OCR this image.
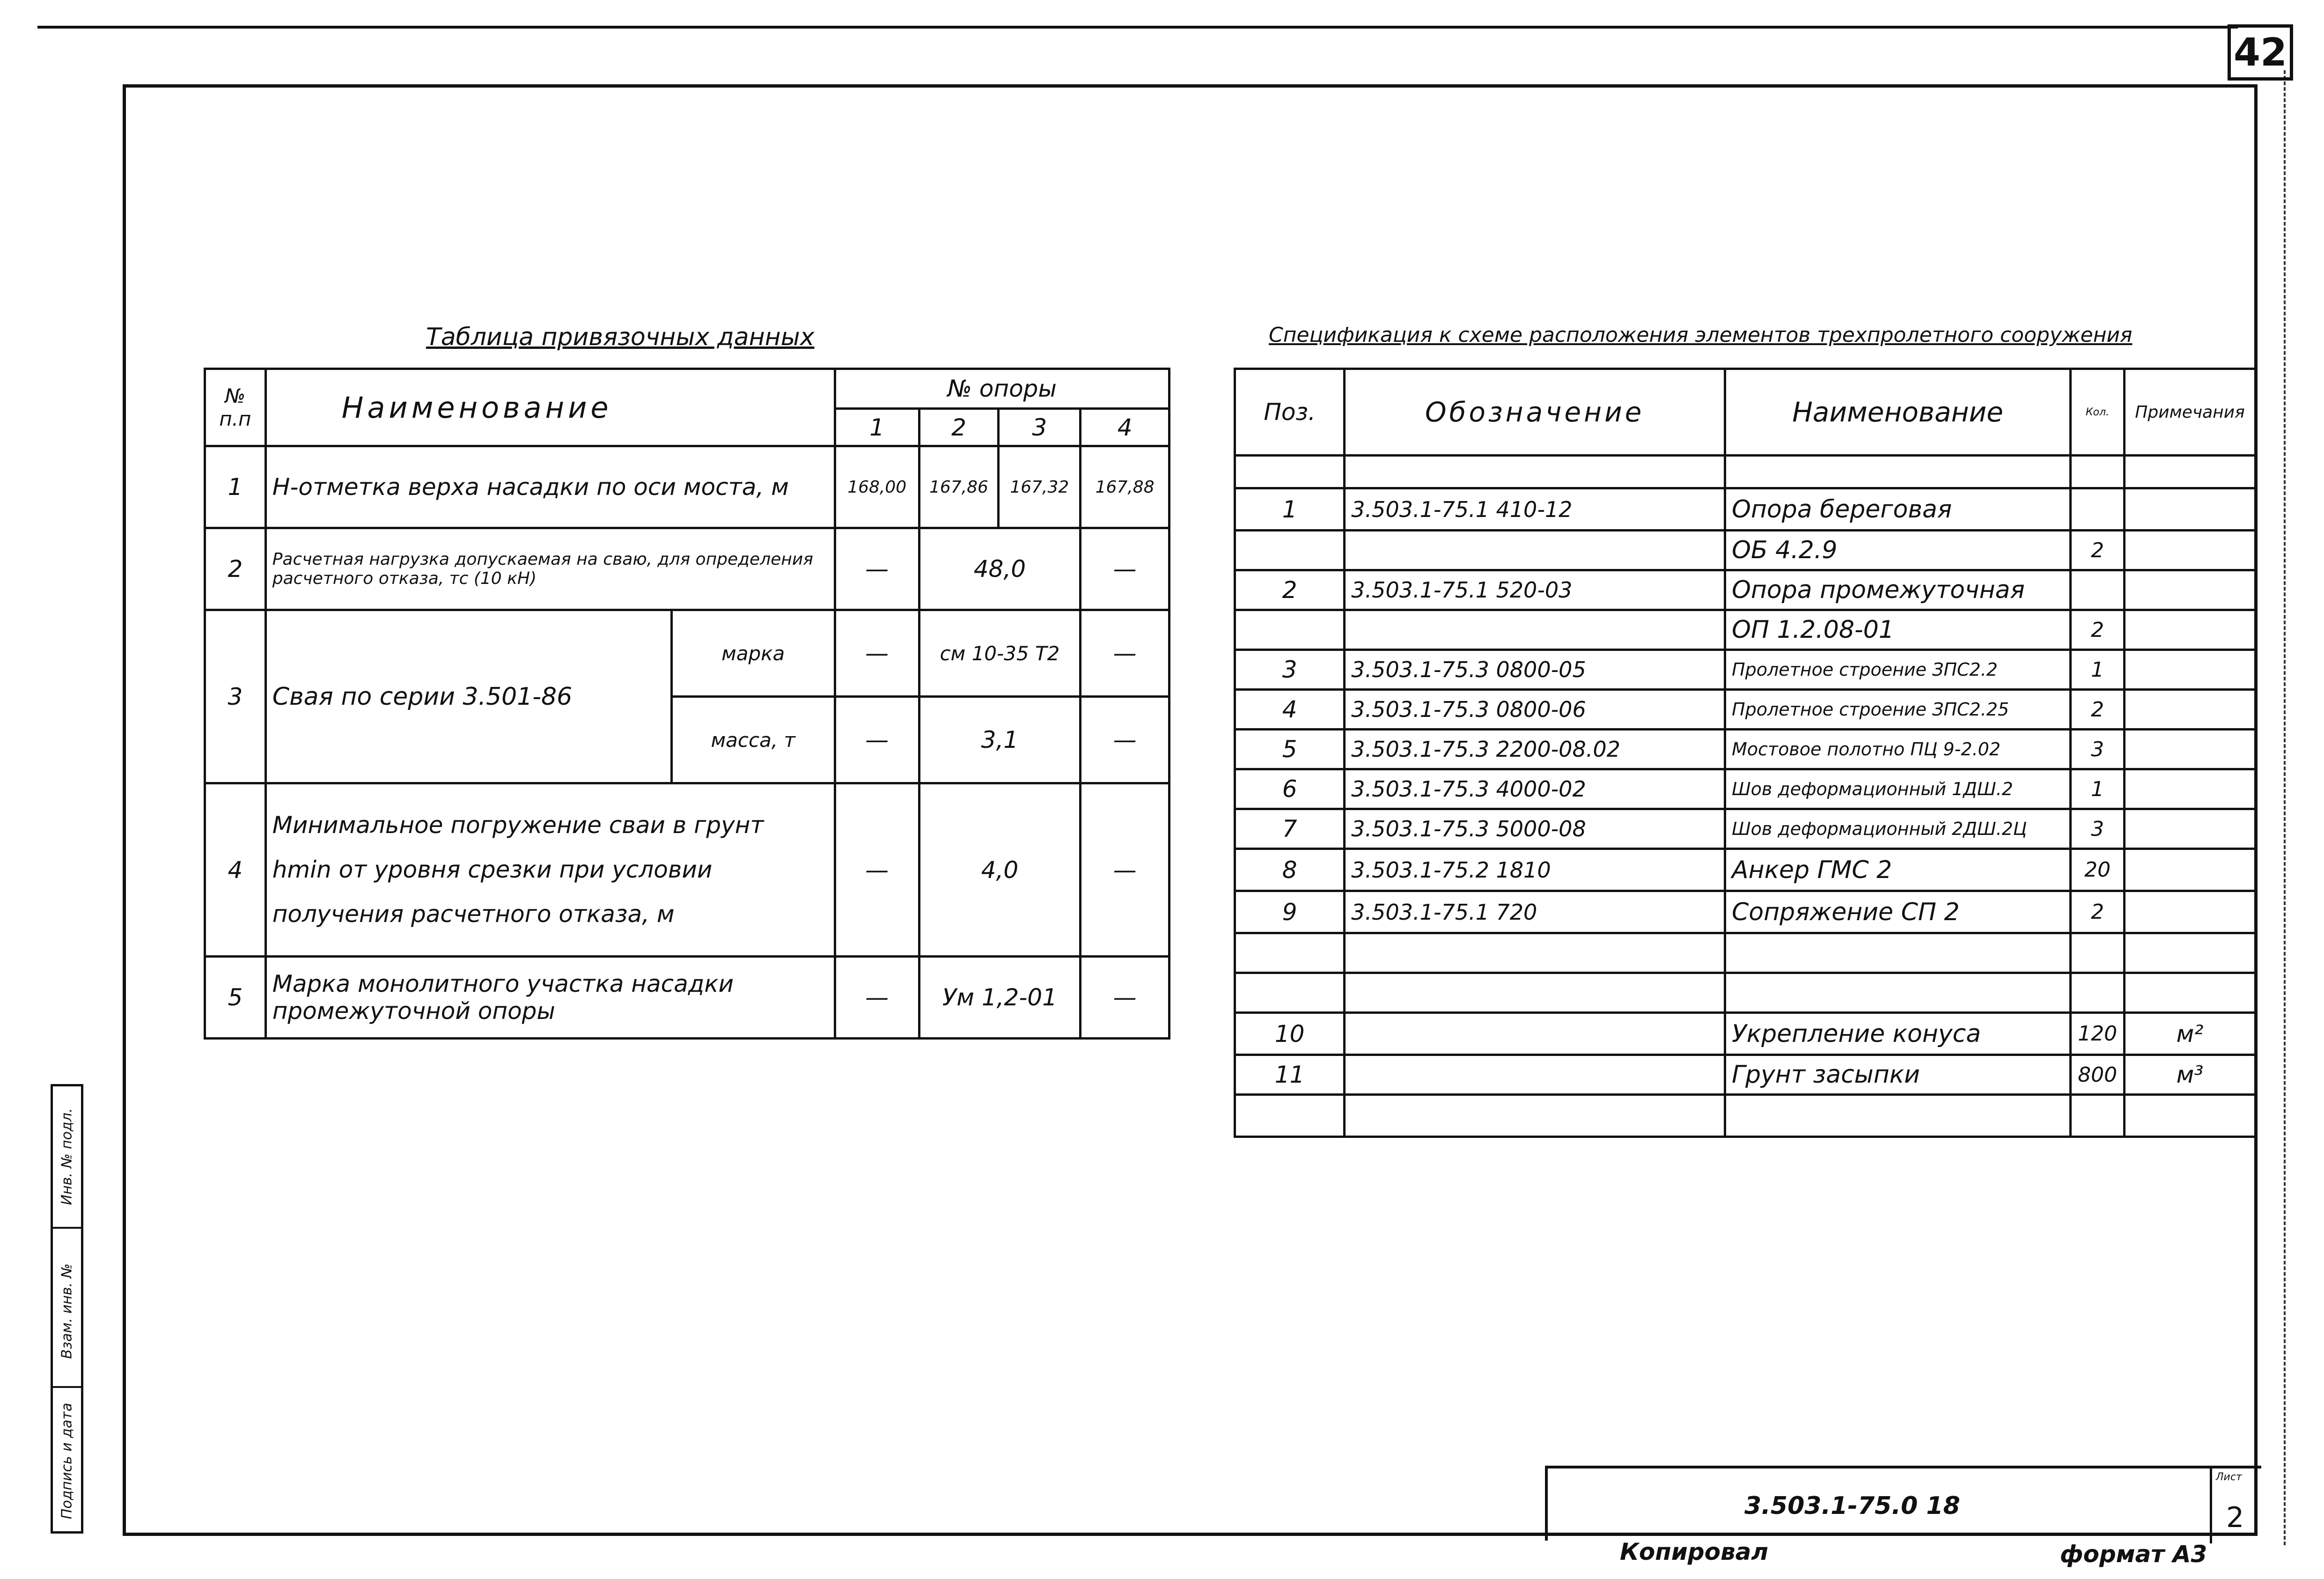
42
Таблица привязочных данных
№ п.п	Наименование		№ опоры			
			1	2	3	4
1	Н-отметка верха насадки по оси моста, м		168,00	167,86	167,32	167,88
2	Расчетная нагрузка допускаемая на сваю, для определения расчетного отказа, тс (10 кН)		—	48,0		—
3	Свая по серии 3.501-86	марка	—	см 10-35 Т2		—
		масса, т	—	3,1		—
4	Минимальное погружение сваи в грунт hmin от уровня срезки при условии получения расчетного отказа, м		—	4,0		—
5	Марка монолитного участка насадки промежуточной опоры		—	Ум 1,2-01		—
Спецификация к схеме расположения элементов трехпролетного сооружения
Поз.	Обозначение	Наименование	Кол.	Примечания

1	3.503.1-75.1 410-12	Опора береговая		
		ОБ 4.2.9	2	
2	3.503.1-75.1 520-03	Опора промежуточная		
		ОП 1.2.08-01	2	
3	3.503.1-75.3 0800-05	Пролетное строение ЗПС2.2	1	
4	3.503.1-75.3 0800-06	Пролетное строение ЗПС2.25	2	
5	3.503.1-75.3 2200-08.02	Мостовое полотно ПЦ 9-2.02	3	
6	3.503.1-75.3 4000-02	Шов деформационный 1ДШ.2	1	
7	3.503.1-75.3 5000-08	Шов деформационный 2ДШ.2Ц	3	
8	3.503.1-75.2 1810	Анкер ГМС 2	20	
9	3.503.1-75.1 720	Сопряжение СП 2	2	

10		Укрепление конуса	120	м²
11		Грунт засыпки	800	м³

Взам. инв. №
Инв. № подл.
Подпись и дата	3.503.1-75.0 18
Лист
2
Копировал	формат А3
